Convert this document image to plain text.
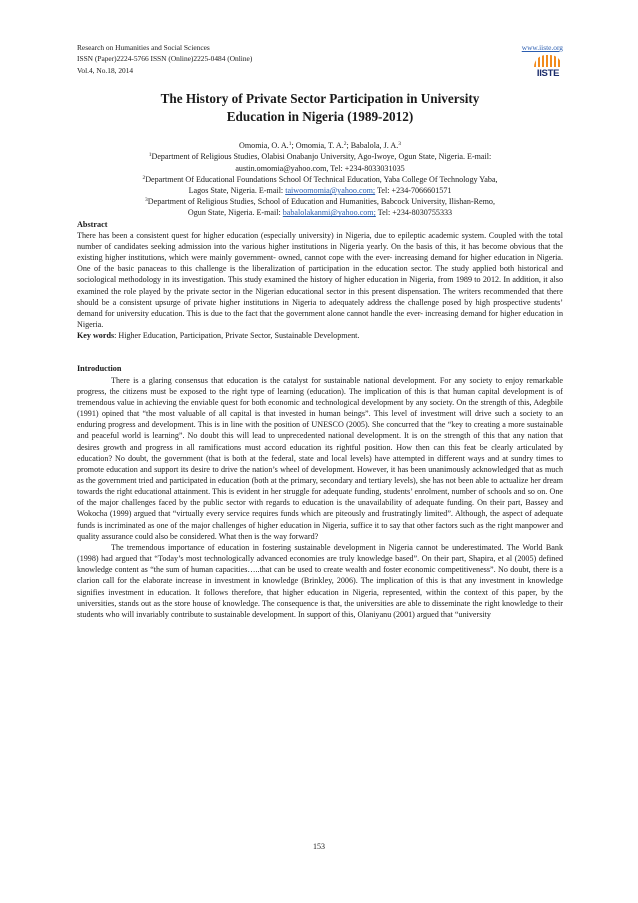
Research on Humanities and Social Sciences
ISSN (Paper)2224-5766 ISSN (Online)2225-0484 (Online)
Vol.4, No.18, 2014
www.iiste.org
IISTE
The History of Private Sector Participation in University
Education in Nigeria (1989-2012)
Omomia, O. A.$^1$; Omomia, T. A.$^2$; Babalola, J. A.$^3$
$^1$Department of Religious Studies, Olabisi Onabanjo University, Ago-Iwoye, Ogun State, Nigeria. E-mail:
austin.omomia@yahoo.com, Tel: +234-8033031035
$^2$Department Of Educational Foundations School Of Technical Education, Yaba College Of Technology Yaba,
Lagos State, Nigeria. E-mail: taiwoomomia@yahoo.com; Tel: +234-7066601571
$^3$Department of Religious Studies, School of Education and Humanities, Babcock University, Ilishan-Remo,
Ogun State, Nigeria. E-mail: babalolakanmi@yahoo.com; Tel: +234-8030755333
Abstract

There has been a consistent quest for higher education (especially university) in Nigeria, due to epileptic academic system. Coupled with the total number of candidates seeking admission into the various higher institutions in Nigeria yearly. On the basis of this, it has become obvious that the existing higher institutions, which were mainly government- owned, cannot cope with the ever- increasing demand for higher education in Nigeria. One of the basic panaceas to this challenge is the liberalization of participation in the education sector. The study applied both historical and sociological methodology in its investigation. This study examined the history of higher education in Nigeria, from 1989 to 2012. In addition, it also examined the role played by the private sector in the Nigerian educational sector in this present dispensation. The writers recommended that there should be a consistent upsurge of private higher institutions in Nigeria to adequately address the challenge posed by high prospective students’ demand for university education. This is due to the fact that the government alone cannot handle the ever- increasing demand for higher education in Nigeria.

Key words: Higher Education, Participation, Private Sector, Sustainable Development.

Introduction

There is a glaring consensus that education is the catalyst for sustainable national development. For any society to enjoy remarkable progress, the citizens must be exposed to the right type of learning (education). The implication of this is that human capital development is of tremendous value in achieving the enviable quest for both economic and technological development by any society. On the strength of this, Adegbile (1991) opined that “the most valuable of all capital is that invested in human beings”. This level of investment will drive such a society to an enduring progress and development. This is in line with the position of UNESCO (2005). She concurred that the “key to creating a more sustainable and peaceful world is learning”. No doubt this will lead to unprecedented national development. It is on the strength of this that any nation that desires growth and progress in all ramifications must accord education its rightful position. How then can this feat be clearly articulated by education? No doubt, the government (that is both at the federal, state and local levels) have attempted in different ways and at sundry times to promote education and support its desire to drive the nation’s wheel of development. However, it has been unanimously acknowledged that as much as the government tried and participated in education (both at the primary, secondary and tertiary levels), she has not been able to actualize her dream towards the right educational attainment. This is evident in her struggle for adequate funding, students’ enrolment, number of schools and so on. One of the major challenges faced by the public sector with regards to education is the unavailability of adequate funding. On their part, Bassey and Wokocha (1999) argued that “virtually every service requires funds which are piteously and frustratingly limited”. Although, the aspect of adequate funds is incriminated as one of the major challenges of higher education in Nigeria, suffice it to say that other factors such as the right manpower and quality assurance could also be considered. What then is the way forward?

The tremendous importance of education in fostering sustainable development in Nigeria cannot be underestimated. The World Bank (1998) had argued that “Today’s most technologically advanced economies are truly knowledge based”. On their part, Shapira, et al (2005) defined knowledge content as “the sum of human capacities…..that can be used to create wealth and foster economic competitiveness”. No doubt, there is a clarion call for the elaborate increase in investment in knowledge (Brinkley, 2006). The implication of this is that any investment in knowledge signifies investment in education. It follows therefore, that higher education in Nigeria, represented, within the context of this paper, by the universities, stands out as the store house of knowledge. The consequence is that, the universities are able to disseminate the right knowledge to their students who will invariably contribute to sustainable development. In support of this, Olaniyanu (2001) argued that “university

153
